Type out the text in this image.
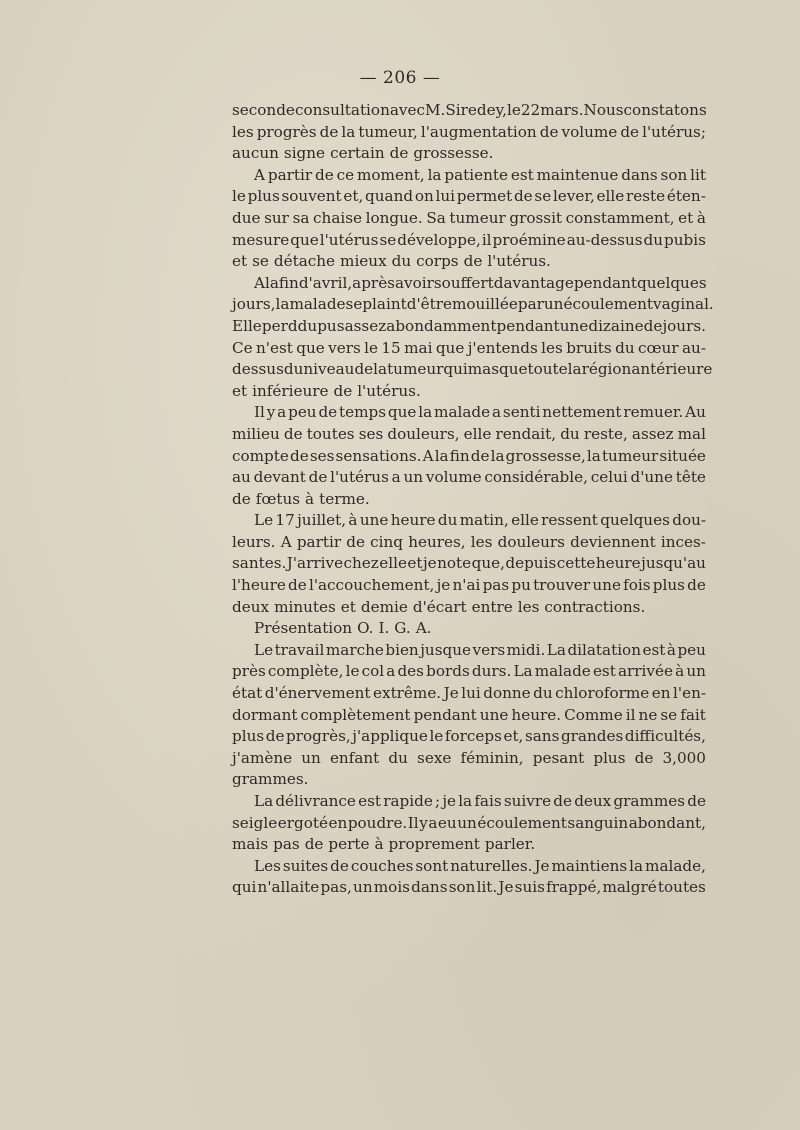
— 206 —
seconde consultation avec M. Siredey, le 22 mars. Nous constatons
les progrès de la tumeur, l'augmentation de volume de l'utérus;
aucun signe certain de grossesse.
A partir de ce moment, la patiente est maintenue dans son lit
le plus souvent et, quand on lui permet de se lever, elle reste éten-
due sur sa chaise longue. Sa tumeur grossit constamment, et à
mesure que l'utérus se développe, il proémine au-dessus du pubis
et se détache mieux du corps de l'utérus.
A la fin d'avril, après avoir souffert davantage pendant quelques
jours, la malade se plaint d'être mouillée par un écoulement vaginal.
Elle perd du pus assez abondamment pendant une dizaine de jours.
Ce n'est que vers le 15 mai que j'entends les bruits du cœur au-
dessus du niveau de la tumeur qui masque toute la région antérieure
et inférieure de l'utérus.
Il y a peu de temps que la malade a senti nettement remuer. Au
milieu de toutes ses douleurs, elle rendait, du reste, assez mal
compte de ses sensations. A la fin de la grossesse, la tumeur située
au devant de l'utérus a un volume considérable, celui d'une tête
de fœtus à terme.
Le 17 juillet, à une heure du matin, elle ressent quelques dou-
leurs. A partir de cinq heures, les douleurs deviennent inces-
santes. J'arrive chez elle et je note que, depuis cette heure jusqu'au
l'heure de l'accouchement, je n'ai pas pu trouver une fois plus de
deux minutes et demie d'écart entre les contractions.
Présentation O. I. G. A.
Le travail marche bien jusque vers midi. La dilatation est à peu
près complète, le col a des bords durs. La malade est arrivée à un
état d'énervement extrême. Je lui donne du chloroforme en l'en-
dormant complètement pendant une heure. Comme il ne se fait
plus de progrès, j'applique le forceps et, sans grandes difficultés,
j'amène un enfant du sexe féminin, pesant plus de 3,000
grammes.
La délivrance est rapide ; je la fais suivre de deux grammes de
seigle ergoté en poudre. Il y a eu un écoulement sanguin abondant,
mais pas de perte à proprement parler.
Les suites de couches sont naturelles. Je maintiens la malade,
qui n'allaite pas, un mois dans son lit. Je suis frappé, malgré toutes
